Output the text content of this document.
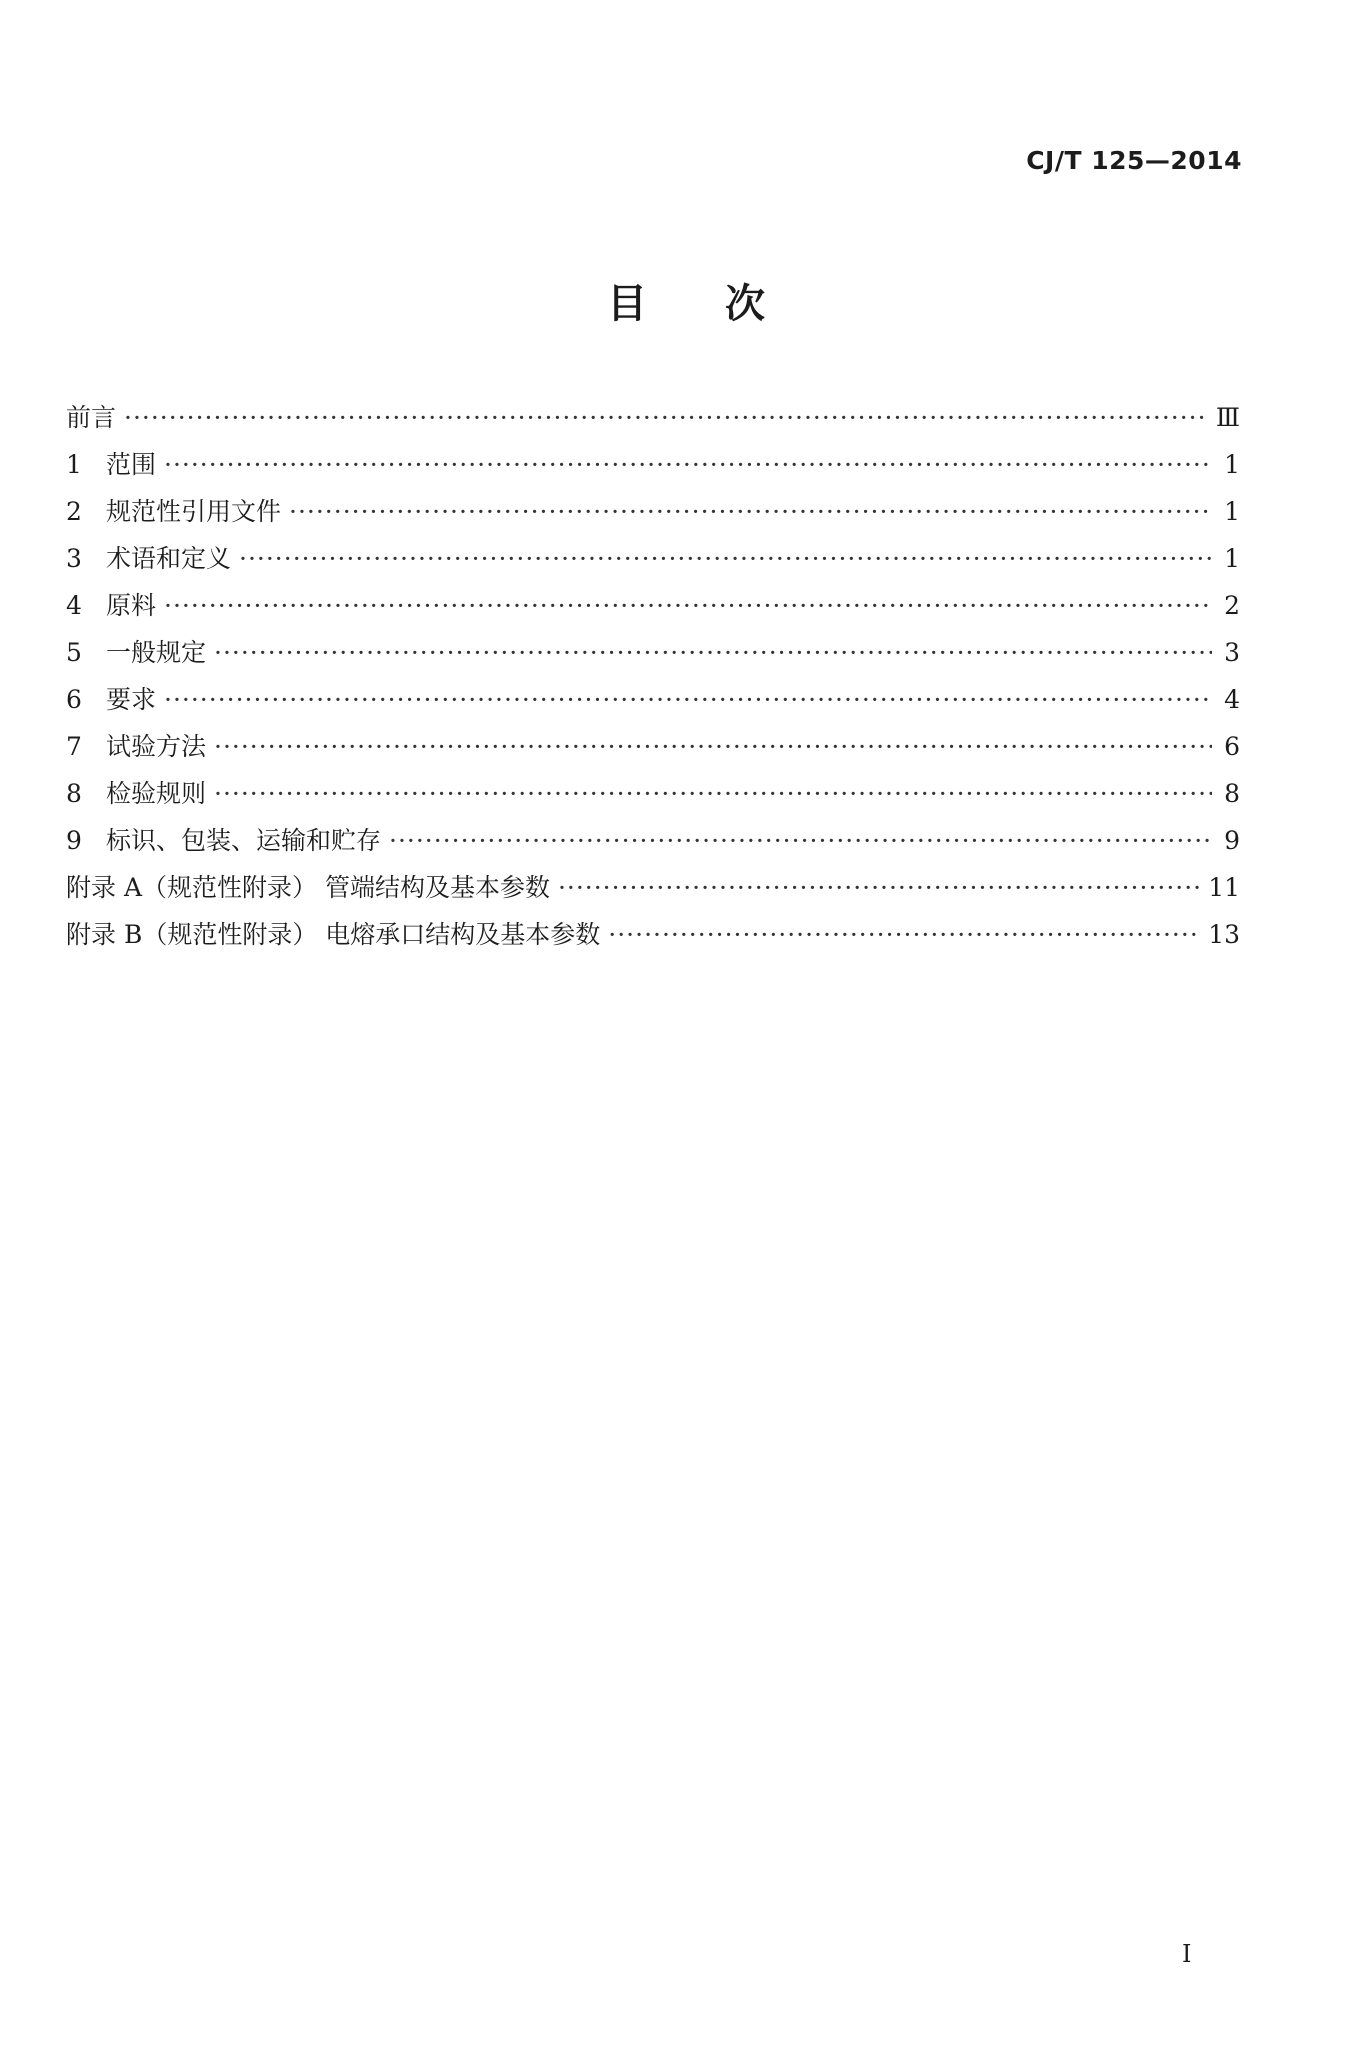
CJ/T 125—2014
目次
前言 ·····	Ⅲ
1 范围 ·····	1
2 规范性引用文件 ·····	1
3 术语和定义 ·····	1
4 原料 ·····	2
5 一般规定 ·····	3
6 要求 ·····	4
7 试验方法 ·····	6
8 检验规则 ·····	8
9 标识、包装、运输和贮存 ·····	9
附录 A（规范性附录） 管端结构及基本参数 ·····	11
附录 B（规范性附录） 电熔承口结构及基本参数 ·····	13
I
